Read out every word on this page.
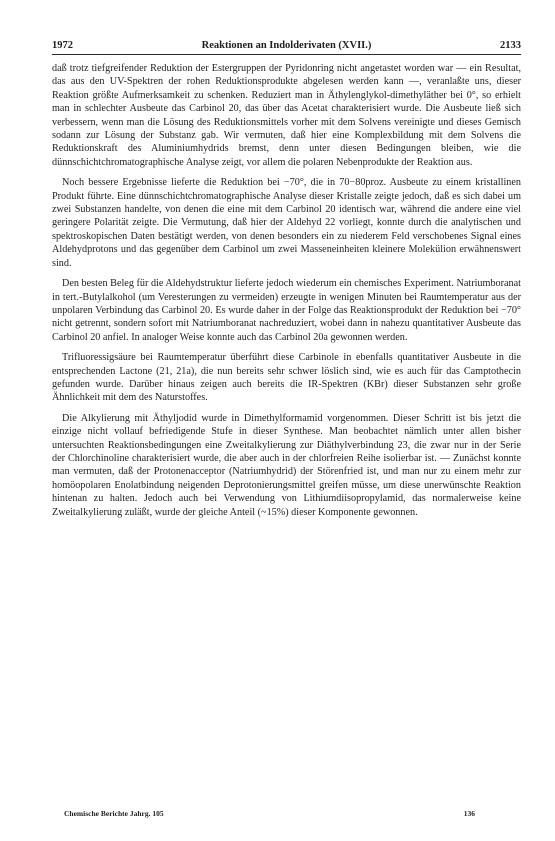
1972	Reaktionen an Indolderivaten (XVII.)	2133

daß trotz tiefgreifender Reduktion der Estergruppen der Pyridonring nicht angetastet worden war — ein Resultat, das aus den UV-Spektren der rohen Reduktionsprodukte abgelesen werden kann —, veranlaßte uns, dieser Reaktion größte Aufmerksamkeit zu schenken. Reduziert man in Äthylenglykol-dimethyläther bei 0°, so erhielt man in schlechter Ausbeute das Carbinol 20, das über das Acetat charakterisiert wurde. Die Ausbeute ließ sich verbessern, wenn man die Lösung des Reduktionsmittels vorher mit dem Solvens vereinigte und dieses Gemisch sodann zur Lösung der Substanz gab. Wir vermuten, daß hier eine Komplexbildung mit dem Solvens die Reduktionskraft des Aluminiumhydrids bremst, denn unter diesen Bedingungen bleiben, wie die dünnschichtchromatographische Analyse zeigt, vor allem die polaren Nebenprodukte der Reaktion aus.

Noch bessere Ergebnisse lieferte die Reduktion bei −70°, die in 70−80proz. Ausbeute zu einem kristallinen Produkt führte. Eine dünnschichtchromatographische Analyse dieser Kristalle zeigte jedoch, daß es sich dabei um zwei Substanzen handelte, von denen die eine mit dem Carbinol 20 identisch war, während die andere eine viel geringere Polarität zeigte. Die Vermutung, daß hier der Aldehyd 22 vorliegt, konnte durch die analytischen und spektroskopischen Daten bestätigt werden, von denen besonders ein zu niederem Feld verschobenes Signal eines Aldehydprotons und das gegenüber dem Carbinol um zwei Masseneinheiten kleinere Molekülion erwähnenswert sind.

Den besten Beleg für die Aldehydstruktur lieferte jedoch wiederum ein chemisches Experiment. Natriumboranat in tert.-Butylalkohol (um Veresterungen zu vermeiden) erzeugte in wenigen Minuten bei Raumtemperatur aus der unpolaren Verbindung das Carbinol 20. Es wurde daher in der Folge das Reaktionsprodukt der Reduktion bei −70° nicht getrennt, sondern sofort mit Natriumboranat nachreduziert, wobei dann in nahezu quantitativer Ausbeute das Carbinol 20 anfiel. In analoger Weise konnte auch das Carbinol 20a gewonnen werden.

Trifluoressigsäure bei Raumtemperatur überführt diese Carbinole in ebenfalls quantitativer Ausbeute in die entsprechenden Lactone (21, 21a), die nun bereits sehr schwer löslich sind, wie es auch für das Camptothecin gefunden wurde. Darüber hinaus zeigen auch bereits die IR-Spektren (KBr) dieser Substanzen sehr große Ähnlichkeit mit dem des Naturstoffes.

Die Alkylierung mit Äthyljodid wurde in Dimethylformamid vorgenommen. Dieser Schritt ist bis jetzt die einzige nicht vollauf befriedigende Stufe in dieser Synthese. Man beobachtet nämlich unter allen bisher untersuchten Reaktionsbedingungen eine Zweitalkylierung zur Diäthylverbindung 23, die zwar nur in der Serie der Chlorchinoline charakterisiert wurde, die aber auch in der chlorfreien Reihe isolierbar ist. — Zunächst konnte man vermuten, daß der Protonenacceptor (Natriumhydrid) der Störenfried ist, und man nur zu einem mehr zur homöopolaren Enolatbindung neigenden Deprotonierungsmittel greifen müsse, um diese unerwünschte Reaktion hintenan zu halten. Jedoch auch bei Verwendung von Lithiumdiisopropylamid, das normalerweise keine Zweitalkylierung zuläßt, wurde der gleiche Anteil (~15%) dieser Komponente gewonnen.

Chemische Berichte Jahrg. 105	136
